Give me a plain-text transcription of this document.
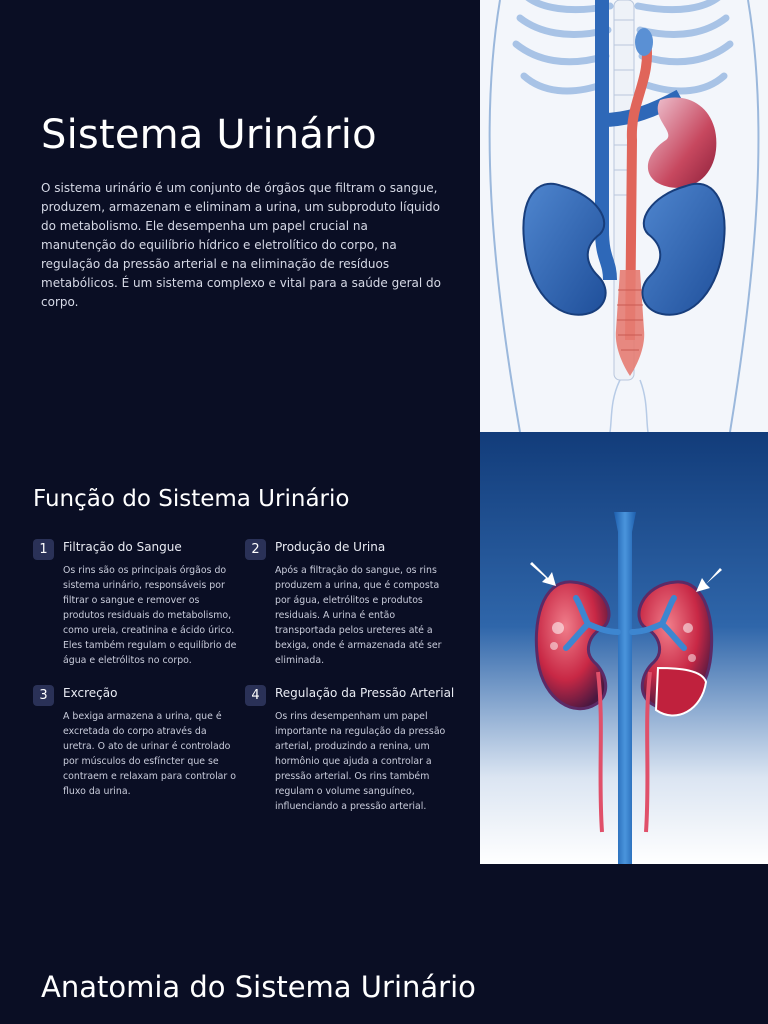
Sistema Urinário

O sistema urinário é um conjunto de órgãos que filtram o sangue, produzem, armazenam e eliminam a urina, um subproduto líquido do metabolismo. Ele desempenha um papel crucial na manutenção do equilíbrio hídrico e eletrolítico do corpo, na regulação da pressão arterial e na eliminação de resíduos metabólicos. É um sistema complexo e vital para a saúde geral do corpo.

Função do Sistema Urinário
1	Filtração do Sangue

Os rins são os principais órgãos do sistema urinário, responsáveis por filtrar o sangue e remover os produtos residuais do metabolismo, como ureia, creatinina e ácido úrico. Eles também regulam o equilíbrio de água e eletrólitos no corpo.

2	Produção de Urina

Após a filtração do sangue, os rins produzem a urina, que é composta por água, eletrólitos e produtos residuais. A urina é então transportada pelos ureteres até a bexiga, onde é armazenada até ser eliminada.

3	Excreção

A bexiga armazena a urina, que é excretada do corpo através da uretra. O ato de urinar é controlado por músculos do esfíncter que se contraem e relaxam para controlar o fluxo da urina.

4	Regulação da Pressão Arterial

Os rins desempenham um papel importante na regulação da pressão arterial, produzindo a renina, um hormônio que ajuda a controlar a pressão arterial. Os rins também regulam o volume sanguíneo, influenciando a pressão arterial.

Anatomia do Sistema Urinário
